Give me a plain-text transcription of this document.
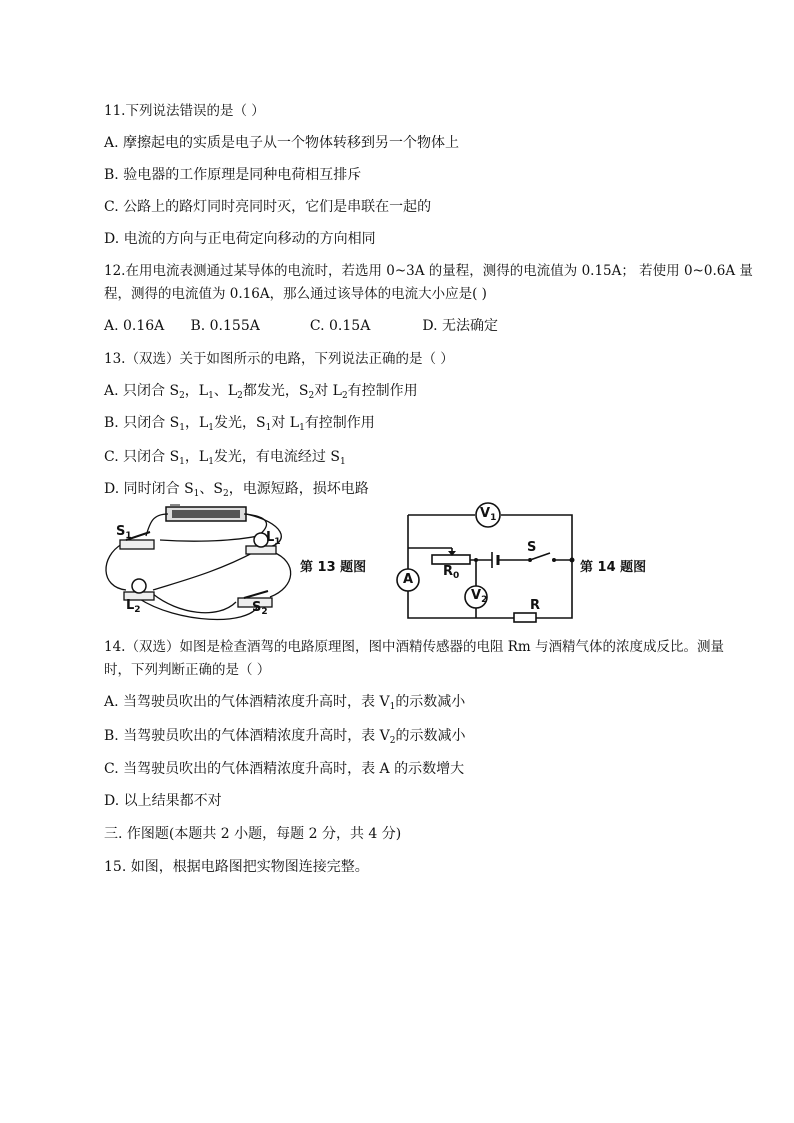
11.下列说法错误的是（ ）
A. 摩擦起电的实质是电子从一个物体转移到另一个物体上
B. 验电器的工作原理是同种电荷相互排斥
C. 公路上的路灯同时亮同时灭，它们是串联在一起的
D. 电流的方向与正电荷定向移动的方向相同
12.在用电流表测通过某导体的电流时，若选用 0~3A 的量程，测得的电流值为 0.15A； 若使用 0~0.6A 量
程，测得的电流值为 0.16A，那么通过该导体的电流大小应是( )
A. 0.16A B. 0.155A	C. 0.15A	D. 无法确定
13.（双选）关于如图所示的电路，下列说法正确的是（ ）
A. 只闭合 $S_2$，$L_1$、$L_2$都发光，$S_2$对 $L_2$有控制作用
B. 只闭合 $S_1$，$L_1$发光，$S_1$对 $L_1$有控制作用
C. 只闭合 $S_1$，$L_1$发光，有电流经过 $S_1$
D. 同时闭合 $S_1$、$S_2$，电源短路，损坏电路
$S_1$	$L_1$
$L_2$	$S_2$
第 13 题图
$V_1$
A
$R_0$
$V_2$
S
R
第 14 题图
14.（双选）如图是检查酒驾的电路原理图，图中酒精传感器的电阻 Rm 与酒精气体的浓度成反比。测量
时，下列判断正确的是（ ）
A. 当驾驶员吹出的气体酒精浓度升高时，表 $V_1$的示数减小
B. 当驾驶员吹出的气体酒精浓度升高时，表 $V_2$的示数减小
C. 当驾驶员吹出的气体酒精浓度升高时，表 A 的示数增大
D. 以上结果都不对
三. 作图题(本题共 2 小题，每题 2 分，共 4 分)
15. 如图，根据电路图把实物图连接完整。
